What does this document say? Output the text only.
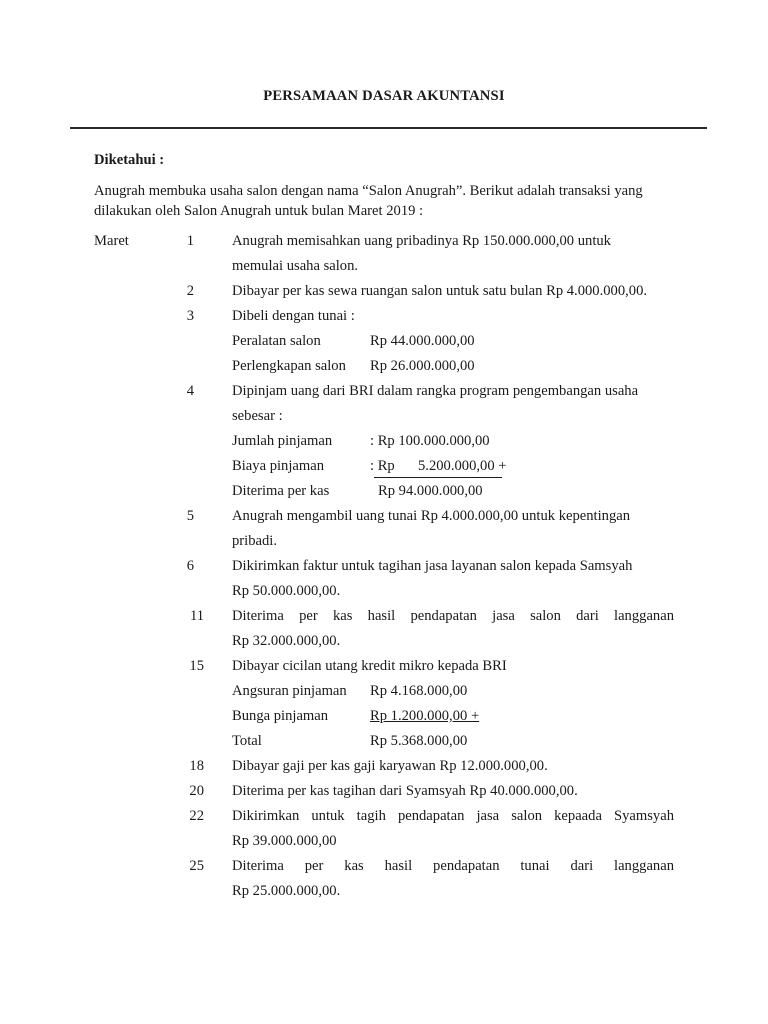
PERSAMAAN DASAR AKUNTANSI
Diketahui :
Anugrah membuka usaha salon dengan nama “Salon Anugrah”. Berikut adalah transaksi yang dilakukan oleh Salon Anugrah untuk bulan Maret 2019 :
Maret	1	Anugrah memisahkan uang pribadinya Rp 150.000.000,00 untuk
memulai usaha salon.
2	Dibayar per kas sewa ruangan salon untuk satu bulan Rp 4.000.000,00.
3	Dibeli dengan tunai :
Peralatan salon	Rp 44.000.000,00
Perlengkapan salon Rp 26.000.000,00
4	Dipinjam uang dari BRI dalam rangka program pengembangan usaha
sebesar :
Jumlah pinjaman	: Rp 100.000.000,00
Biaya pinjaman	: Rp 5.200.000,00 +
Diterima per kas	Rp 94.000.000,00
5	Anugrah mengambil uang tunai Rp 4.000.000,00 untuk kepentingan
pribadi.
6	Dikirimkan faktur untuk tagihan jasa layanan salon kepada Samsyah
Rp 50.000.000,00.
11 Diterima per kas hasil pendapatan jasa salon dari langganan
Rp 32.000.000,00.
15 Dibayar cicilan utang kredit mikro kepada BRI
Angsuran pinjaman Rp 4.168.000,00
Bunga pinjaman	Rp 1.200.000,00 +
Total	Rp 5.368.000,00
18 Dibayar gaji per kas gaji karyawan Rp 12.000.000,00.
20 Diterima per kas tagihan dari Syamsyah Rp 40.000.000,00.
22 Dikirimkan untuk tagih pendapatan jasa salon kepaada Syamsyah
Rp 39.000.000,00
25 Diterima per kas hasil pendapatan tunai dari langganan
Rp 25.000.000,00.
